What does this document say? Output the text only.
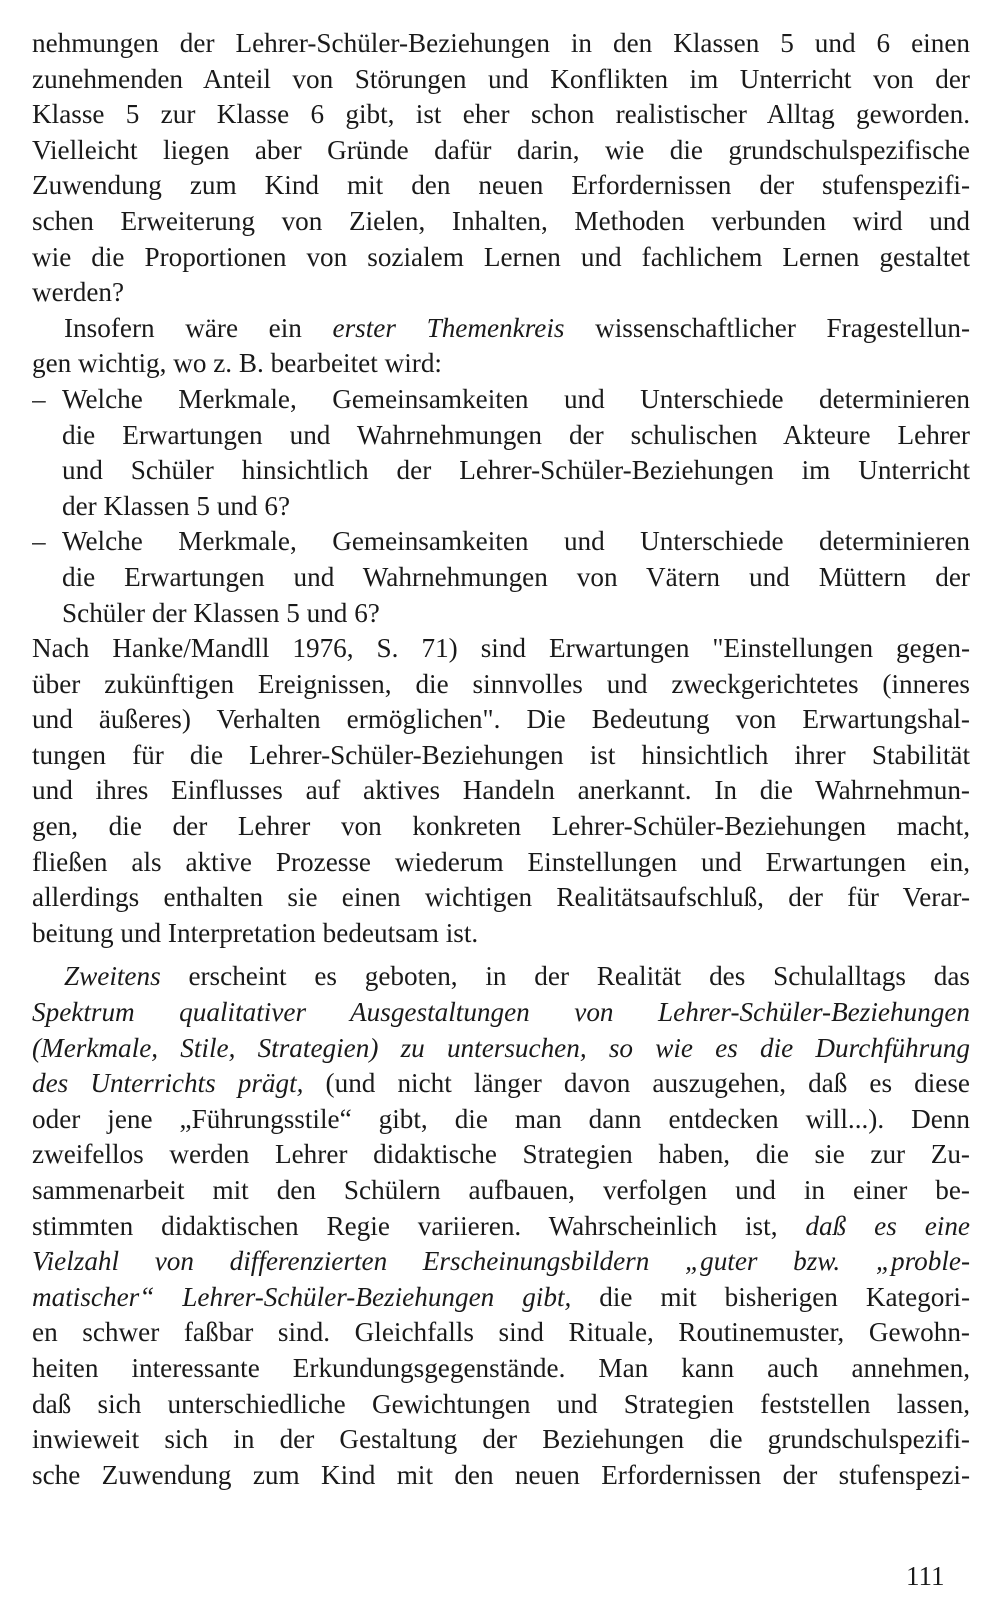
nehmungen der Lehrer-Schüler-Beziehungen in den Klassen 5 und 6 einen
zunehmenden Anteil von Störungen und Konflikten im Unterricht von der
Klasse 5 zur Klasse 6 gibt, ist eher schon realistischer Alltag geworden.
Vielleicht liegen aber Gründe dafür darin, wie die grundschulspezifische
Zuwendung zum Kind mit den neuen Erfordernissen der stufenspezifi-
schen Erweiterung von Zielen, Inhalten, Methoden verbunden wird und
wie die Proportionen von sozialem Lernen und fachlichem Lernen gestaltet
werden?
Insofern wäre ein erster Themenkreis wissenschaftlicher Fragestellun-
gen wichtig, wo z. B. bearbeitet wird:
– Welche Merkmale, Gemeinsamkeiten und Unterschiede determinieren
die Erwartungen und Wahrnehmungen der schulischen Akteure Lehrer
und Schüler hinsichtlich der Lehrer-Schüler-Beziehungen im Unterricht
der Klassen 5 und 6?
– Welche Merkmale, Gemeinsamkeiten und Unterschiede determinieren
die Erwartungen und Wahrnehmungen von Vätern und Müttern der
Schüler der Klassen 5 und 6?
Nach Hanke/Mandll 1976, S. 71) sind Erwartungen "Einstellungen gegen-
über zukünftigen Ereignissen, die sinnvolles und zweckgerichtetes (inneres
und äußeres) Verhalten ermöglichen". Die Bedeutung von Erwartungshal-
tungen für die Lehrer-Schüler-Beziehungen ist hinsichtlich ihrer Stabilität
und ihres Einflusses auf aktives Handeln anerkannt. In die Wahrnehmun-
gen, die der Lehrer von konkreten Lehrer-Schüler-Beziehungen macht,
fließen als aktive Prozesse wiederum Einstellungen und Erwartungen ein,
allerdings enthalten sie einen wichtigen Realitätsaufschluß, der für Verar-
beitung und Interpretation bedeutsam ist.
Zweitens erscheint es geboten, in der Realität des Schulalltags das
Spektrum qualitativer Ausgestaltungen von Lehrer-Schüler-Beziehungen
(Merkmale, Stile, Strategien) zu untersuchen, so wie es die Durchführung
des Unterrichts prägt, (und nicht länger davon auszugehen, daß es diese
oder jene „Führungsstile“ gibt, die man dann entdecken will...). Denn
zweifellos werden Lehrer didaktische Strategien haben, die sie zur Zu-
sammenarbeit mit den Schülern aufbauen, verfolgen und in einer be-
stimmten didaktischen Regie variieren. Wahrscheinlich ist, daß es eine
Vielzahl von differenzierten Erscheinungsbildern „guter bzw. „proble-
matischer“ Lehrer-Schüler-Beziehungen gibt, die mit bisherigen Kategori-
en schwer faßbar sind. Gleichfalls sind Rituale, Routinemuster, Gewohn-
heiten interessante Erkundungsgegenstände. Man kann auch annehmen,
daß sich unterschiedliche Gewichtungen und Strategien feststellen lassen,
inwieweit sich in der Gestaltung der Beziehungen die grundschulspezifi-
sche Zuwendung zum Kind mit den neuen Erfordernissen der stufenspezi-
111
